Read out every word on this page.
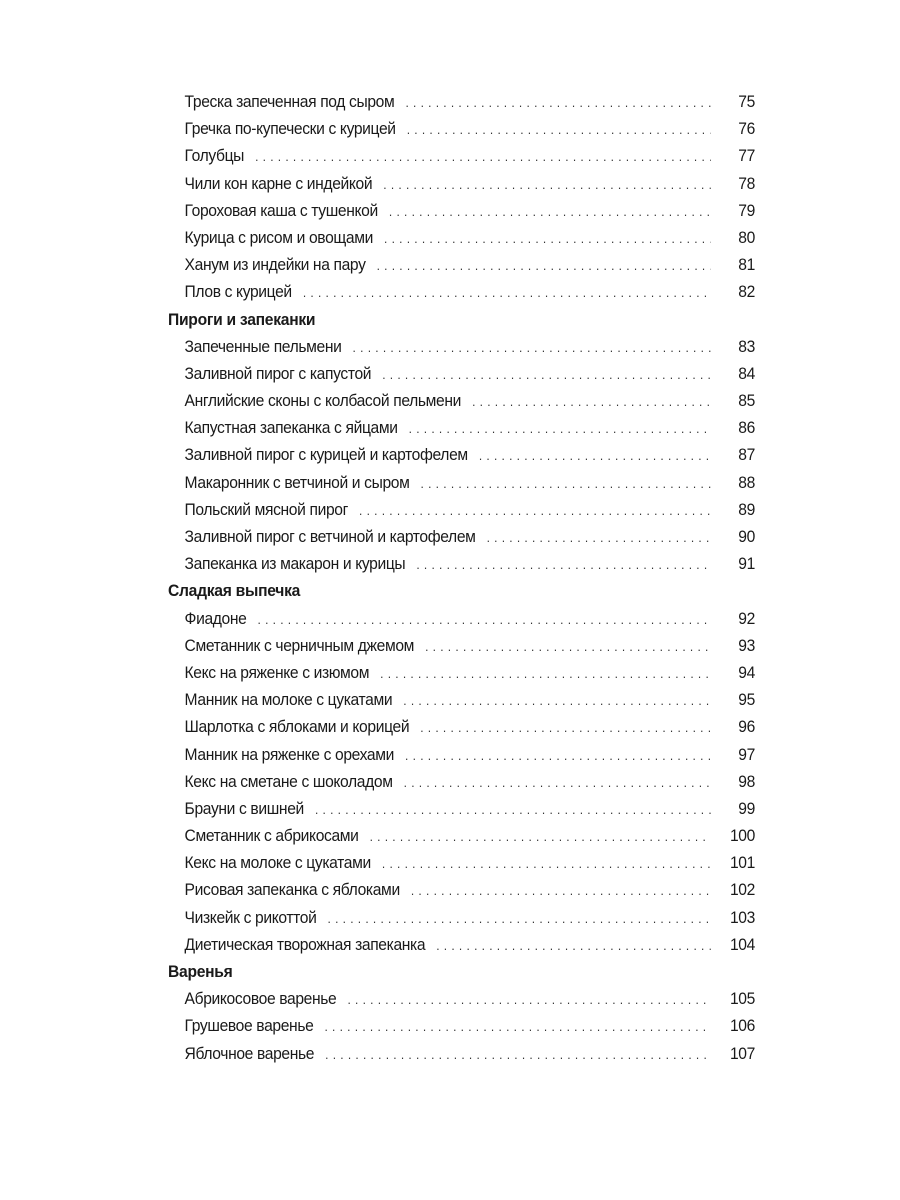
Треска запеченная под сыром . . .	75
Гречка по-купечески с курицей . . .	76
Голубцы . . .	77
Чили кон карне с индейкой . . .	78
Гороховая каша с тушенкой . . .	79
Курица с рисом и овощами . . .	80
Ханум из индейки на пару . . .	81
Плов с курицей . . .	82
Пироги и запеканки
Запеченные пельмени . . .	83
Заливной пирог с капустой . . .	84
Английские сконы с колбасой пельмени . . .	85
Капустная запеканка с яйцами . . .	86
Заливной пирог с курицей и картофелем . . .	87
Макаронник с ветчиной и сыром . . .	88
Польский мясной пирог . . .	89
Заливной пирог с ветчиной и картофелем . . .	90
Запеканка из макарон и курицы . . .	91
Сладкая выпечка
Фиадоне . . .	92
Сметанник с черничным джемом . . .	93
Кекс на ряженке с изюмом . . .	94
Манник на молоке с цукатами . . .	95
Шарлотка с яблоками и корицей . . .	96
Манник на ряженке с орехами . . .	97
Кекс на сметане с шоколадом . . .	98
Брауни с вишней . . .	99
Сметанник с абрикосами . . .	100
Кекс на молоке с цукатами . . .	101
Рисовая запеканка с яблоками . . .	102
Чизкейк с рикоттой . . .	103
Диетическая творожная запеканка . . .	104
Варенья
Абрикосовое варенье . . .	105
Грушевое варенье . . .	106
Яблочное варенье . . .	107
